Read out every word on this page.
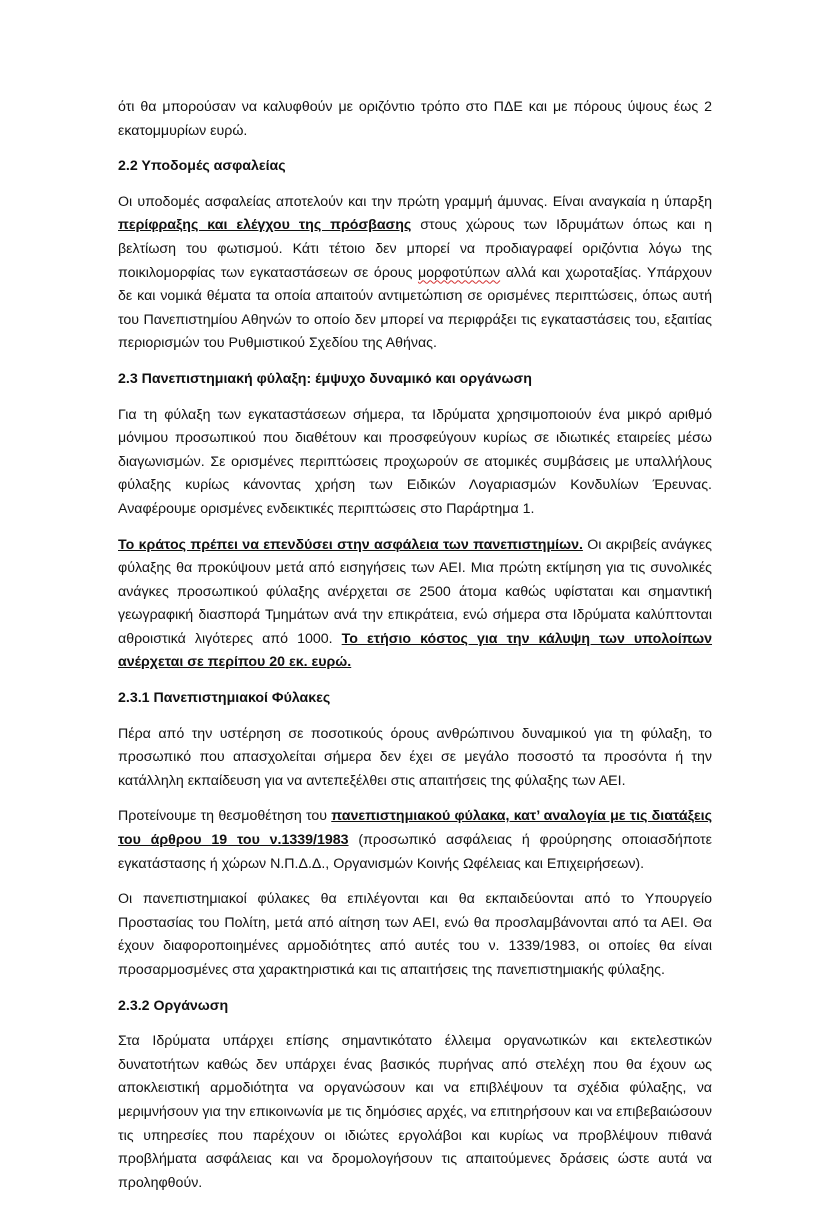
ότι θα μπορούσαν να καλυφθούν με οριζόντιο τρόπο στο ΠΔΕ και με πόρους ύψους έως 2 εκατομμυρίων ευρώ.

2.2 Υποδομές ασφαλείας

Οι υποδομές ασφαλείας αποτελούν και την πρώτη γραμμή άμυνας. Είναι αναγκαία η ύπαρξη περίφραξης και ελέγχου της πρόσβασης στους χώρους των Ιδρυμάτων όπως και η βελτίωση του φωτισμού. Κάτι τέτοιο δεν μπορεί να προδιαγραφεί οριζόντια λόγω της ποικιλομορφίας των εγκαταστάσεων σε όρους μορφοτύπων αλλά και χωροταξίας. Υπάρχουν δε και νομικά θέματα τα οποία απαιτούν αντιμετώπιση σε ορισμένες περιπτώσεις, όπως αυτή του Πανεπιστημίου Αθηνών το οποίο δεν μπορεί να περιφράξει τις εγκαταστάσεις του, εξαιτίας περιορισμών του Ρυθμιστικού Σχεδίου της Αθήνας.

2.3 Πανεπιστημιακή φύλαξη: έμψυχο δυναμικό και οργάνωση

Για τη φύλαξη των εγκαταστάσεων σήμερα, τα Ιδρύματα χρησιμοποιούν ένα μικρό αριθμό μόνιμου προσωπικού που διαθέτουν και προσφεύγουν κυρίως σε ιδιωτικές εταιρείες μέσω διαγωνισμών. Σε ορισμένες περιπτώσεις προχωρούν σε ατομικές συμβάσεις με υπαλλήλους φύλαξης κυρίως κάνοντας χρήση των Ειδικών Λογαριασμών Κονδυλίων Έρευνας. Αναφέρουμε ορισμένες ενδεικτικές περιπτώσεις στο Παράρτημα 1.

Το κράτος πρέπει να επενδύσει στην ασφάλεια των πανεπιστημίων. Οι ακριβείς ανάγκες φύλαξης θα προκύψουν μετά από εισηγήσεις των ΑΕΙ. Μια πρώτη εκτίμηση για τις συνολικές ανάγκες προσωπικού φύλαξης ανέρχεται σε 2500 άτομα καθώς υφίσταται και σημαντική γεωγραφική διασπορά Τμημάτων ανά την επικράτεια, ενώ σήμερα στα Ιδρύματα καλύπτονται αθροιστικά λιγότερες από 1000. Το ετήσιο κόστος για την κάλυψη των υπολοίπων ανέρχεται σε περίπου 20 εκ. ευρώ.

2.3.1 Πανεπιστημιακοί Φύλακες

Πέρα από την υστέρηση σε ποσοτικούς όρους ανθρώπινου δυναμικού για τη φύλαξη, το προσωπικό που απασχολείται σήμερα δεν έχει σε μεγάλο ποσοστό τα προσόντα ή την κατάλληλη εκπαίδευση για να αντεπεξέλθει στις απαιτήσεις της φύλαξης των ΑΕΙ.

Προτείνουμε τη θεσμοθέτηση του πανεπιστημιακού φύλακα, κατ’ αναλογία με τις διατάξεις του άρθρου 19 του ν.1339/1983 (προσωπικό ασφάλειας ή φρούρησης οποιασδήποτε εγκατάστασης ή χώρων Ν.Π.Δ.Δ., Οργανισμών Κοινής Ωφέλειας και Επιχειρήσεων).

Οι πανεπιστημιακοί φύλακες θα επιλέγονται και θα εκπαιδεύονται από το Υπουργείο Προστασίας του Πολίτη, μετά από αίτηση των ΑΕΙ, ενώ θα προσλαμβάνονται από τα ΑΕΙ. Θα έχουν διαφοροποιημένες αρμοδιότητες από αυτές του ν. 1339/1983, οι οποίες θα είναι προσαρμοσμένες στα χαρακτηριστικά και τις απαιτήσεις της πανεπιστημιακής φύλαξης.

2.3.2 Οργάνωση

Στα Ιδρύματα υπάρχει επίσης σημαντικότατο έλλειμα οργανωτικών και εκτελεστικών δυνατοτήτων καθώς δεν υπάρχει ένας βασικός πυρήνας από στελέχη που θα έχουν ως αποκλειστική αρμοδιότητα να οργανώσουν και να επιβλέψουν τα σχέδια φύλαξης, να μεριμνήσουν για την επικοινωνία με τις δημόσιες αρχές, να επιτηρήσουν και να επιβεβαιώσουν τις υπηρεσίες που παρέχουν οι ιδιώτες εργολάβοι και κυρίως να προβλέψουν πιθανά προβλήματα ασφάλειας και να δρομολογήσουν τις απαιτούμενες δράσεις ώστε αυτά να προληφθούν.
